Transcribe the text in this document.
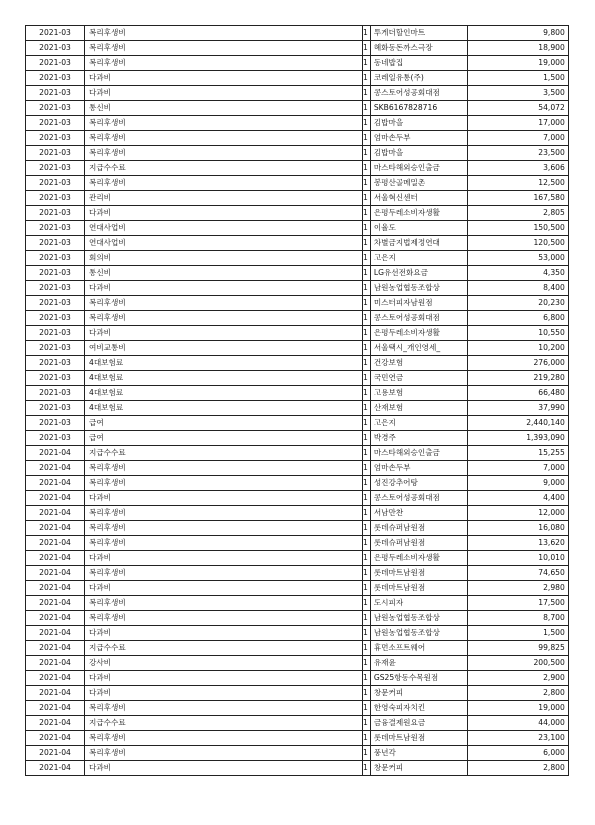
2021-03	복리후생비	1	투게더할인마트	9,800
2021-03	복리후생비	1	혜화동돈까스극장	18,900
2021-03	복리후생비	1	동네밥집	19,000
2021-03	다과비	1	코레일유통(주)	1,500
2021-03	다과비	1	콩스토어성공회대점	3,500
2021-03	통신비	1	SKB6167828716	54,072
2021-03	복리후생비	1	김밥마을	17,000
2021-03	복리후생비	1	엄마손두부	7,000
2021-03	복리후생비	1	김밥마을	23,500
2021-03	지급수수료	1	마스타해외승인출금	3,606
2021-03	복리후생비	1	봉평산골메밀촌	12,500
2021-03	관리비	1	서울혁신센터	167,580
2021-03	다과비	1	은평두레소비자생활	2,805
2021-03	연대사업비	1	이율도	150,500
2021-03	연대사업비	1	차별금지법제정연대	120,500
2021-03	회의비	1	고은지	53,000
2021-03	통신비	1	LG유선전화요금	4,350
2021-03	다과비	1	남원농업협동조합상	8,400
2021-03	복리후생비	1	미스터피자남원점	20,230
2021-03	복리후생비	1	콩스토어성공회대점	6,800
2021-03	다과비	1	은평두레소비자생활	10,550
2021-03	여비교통비	1	서울택시_개인영세_	10,200
2021-03	4대보험료	1	건강보험	276,000
2021-03	4대보험료	1	국민연금	219,280
2021-03	4대보험료	1	고용보험	66,480
2021-03	4대보험료	1	산재보험	37,990
2021-03	급여	1	고은지	2,440,140
2021-03	급여	1	박경주	1,393,090
2021-04	지급수수료	1	마스타해외승인출금	15,255
2021-04	복리후생비	1	엄마손두부	7,000
2021-04	복리후생비	1	성진강추어탕	9,000
2021-04	다과비	1	콩스토어성공회대점	4,400
2021-04	복리후생비	1	서남만찬	12,000
2021-04	복리후생비	1	롯데슈퍼남원점	16,080
2021-04	복리후생비	1	롯데슈퍼남원점	13,620
2021-04	다과비	1	은평두레소비자생활	10,010
2021-04	복리후생비	1	롯데마트남원점	74,650
2021-04	다과비	1	롯데마트남원점	2,980
2021-04	복리후생비	1	도시피자	17,500
2021-04	복리후생비	1	남원농업협동조합상	8,700
2021-04	다과비	1	남원농업협동조합상	1,500
2021-04	지급수수료	1	휴먼소프트웨어	99,825
2021-04	강사비	1	유재윤	200,500
2021-04	다과비	1	GS25항동수목원점	2,900
2021-04	다과비	1	창문커피	2,800
2021-04	복리후생비	1	한영숙피자치킨	19,000
2021-04	지급수수료	1	금융결제원요금	44,000
2021-04	복리후생비	1	롯데마트남원점	23,100
2021-04	복리후생비	1	풍년각	6,000
2021-04	다과비	1	창문커피	2,800
